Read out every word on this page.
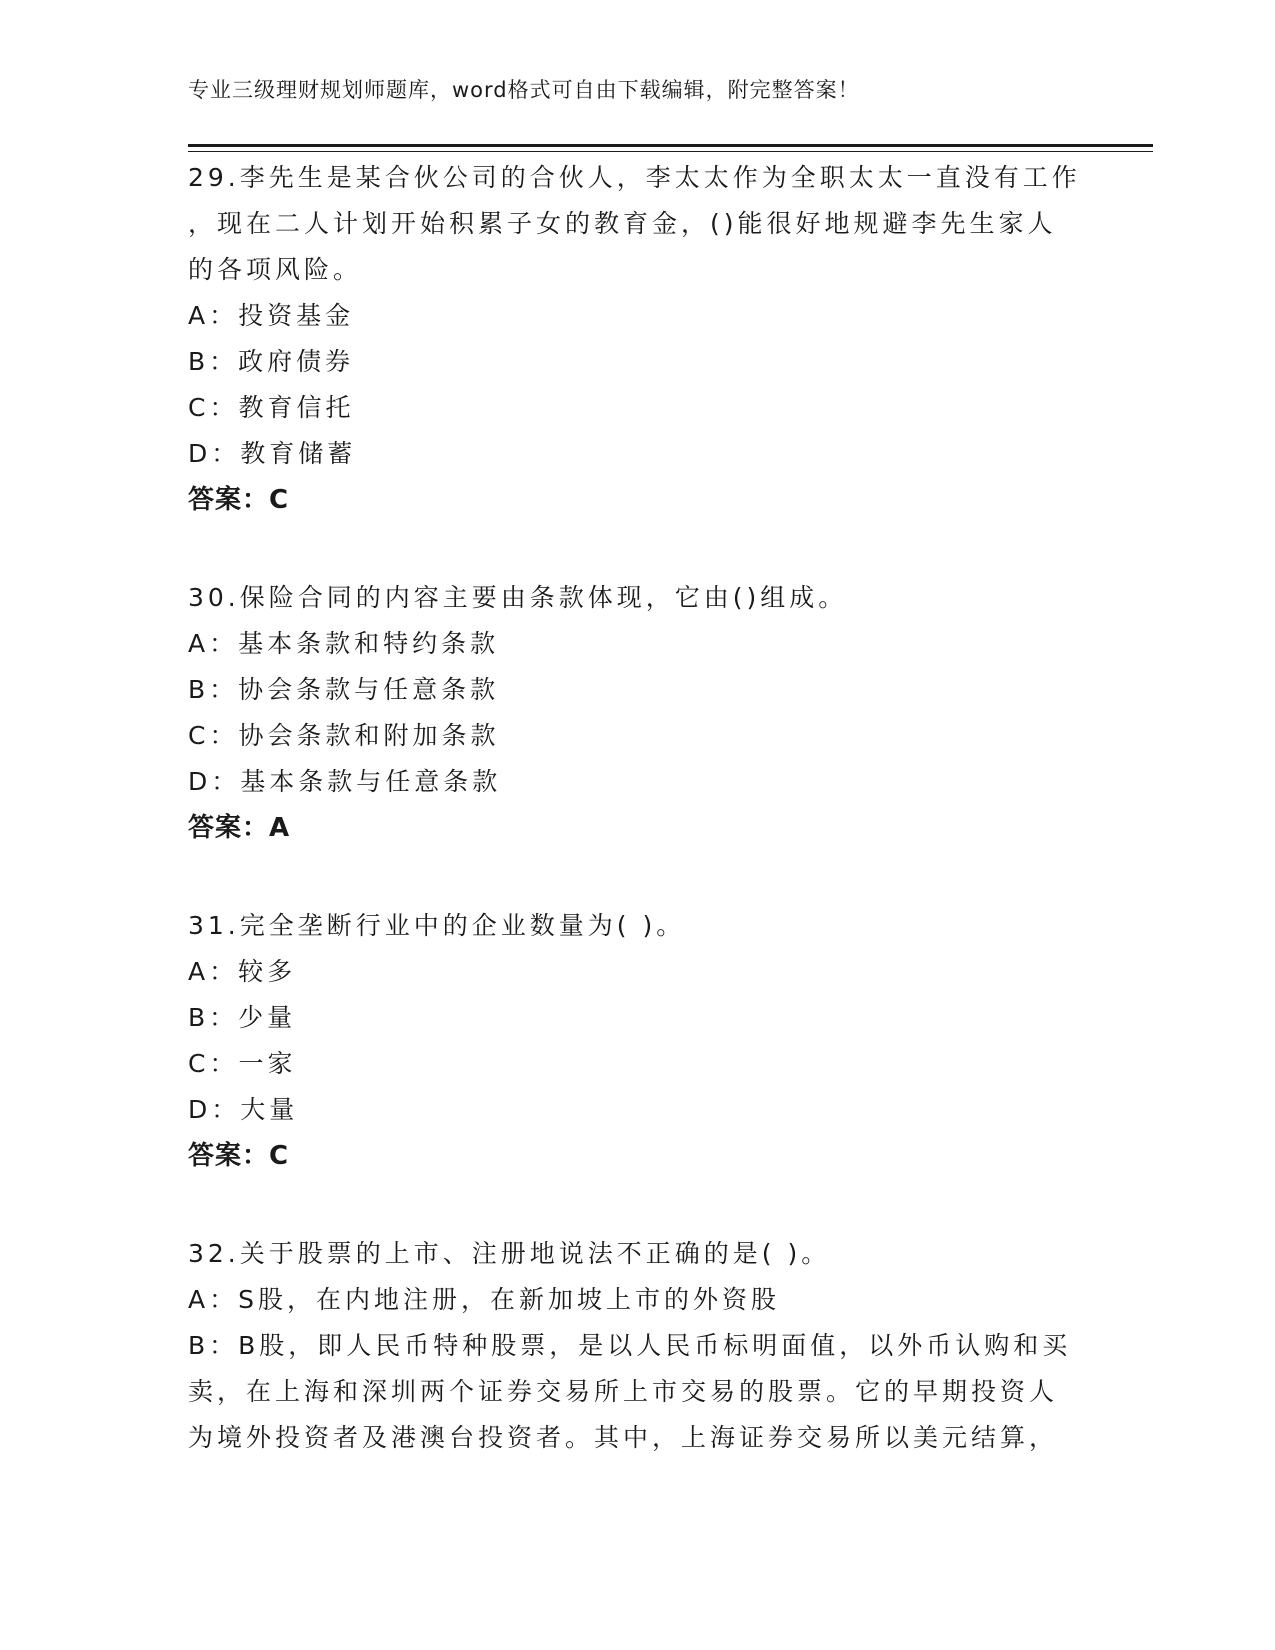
专业三级理财规划师题库，word格式可自由下载编辑，附完整答案！
29.李先生是某合伙公司的合伙人，李太太作为全职太太一直没有工作
，现在二人计划开始积累子女的教育金，()能很好地规避李先生家人
的各项风险。
A：投资基金
B：政府债券
C：教育信托
D：教育储蓄
答案：C
30.保险合同的内容主要由条款体现，它由()组成。
A：基本条款和特约条款
B：协会条款与任意条款
C：协会条款和附加条款
D：基本条款与任意条款
答案：A
31.完全垄断行业中的企业数量为( )。
A：较多
B：少量
C：一家
D：大量
答案：C
32.关于股票的上市、注册地说法不正确的是( )。
A：S股，在内地注册，在新加坡上市的外资股
B：B股，即人民币特种股票，是以人民币标明面值，以外币认购和买
卖，在上海和深圳两个证券交易所上市交易的股票。它的早期投资人
为境外投资者及港澳台投资者。其中，上海证券交易所以美元结算，
